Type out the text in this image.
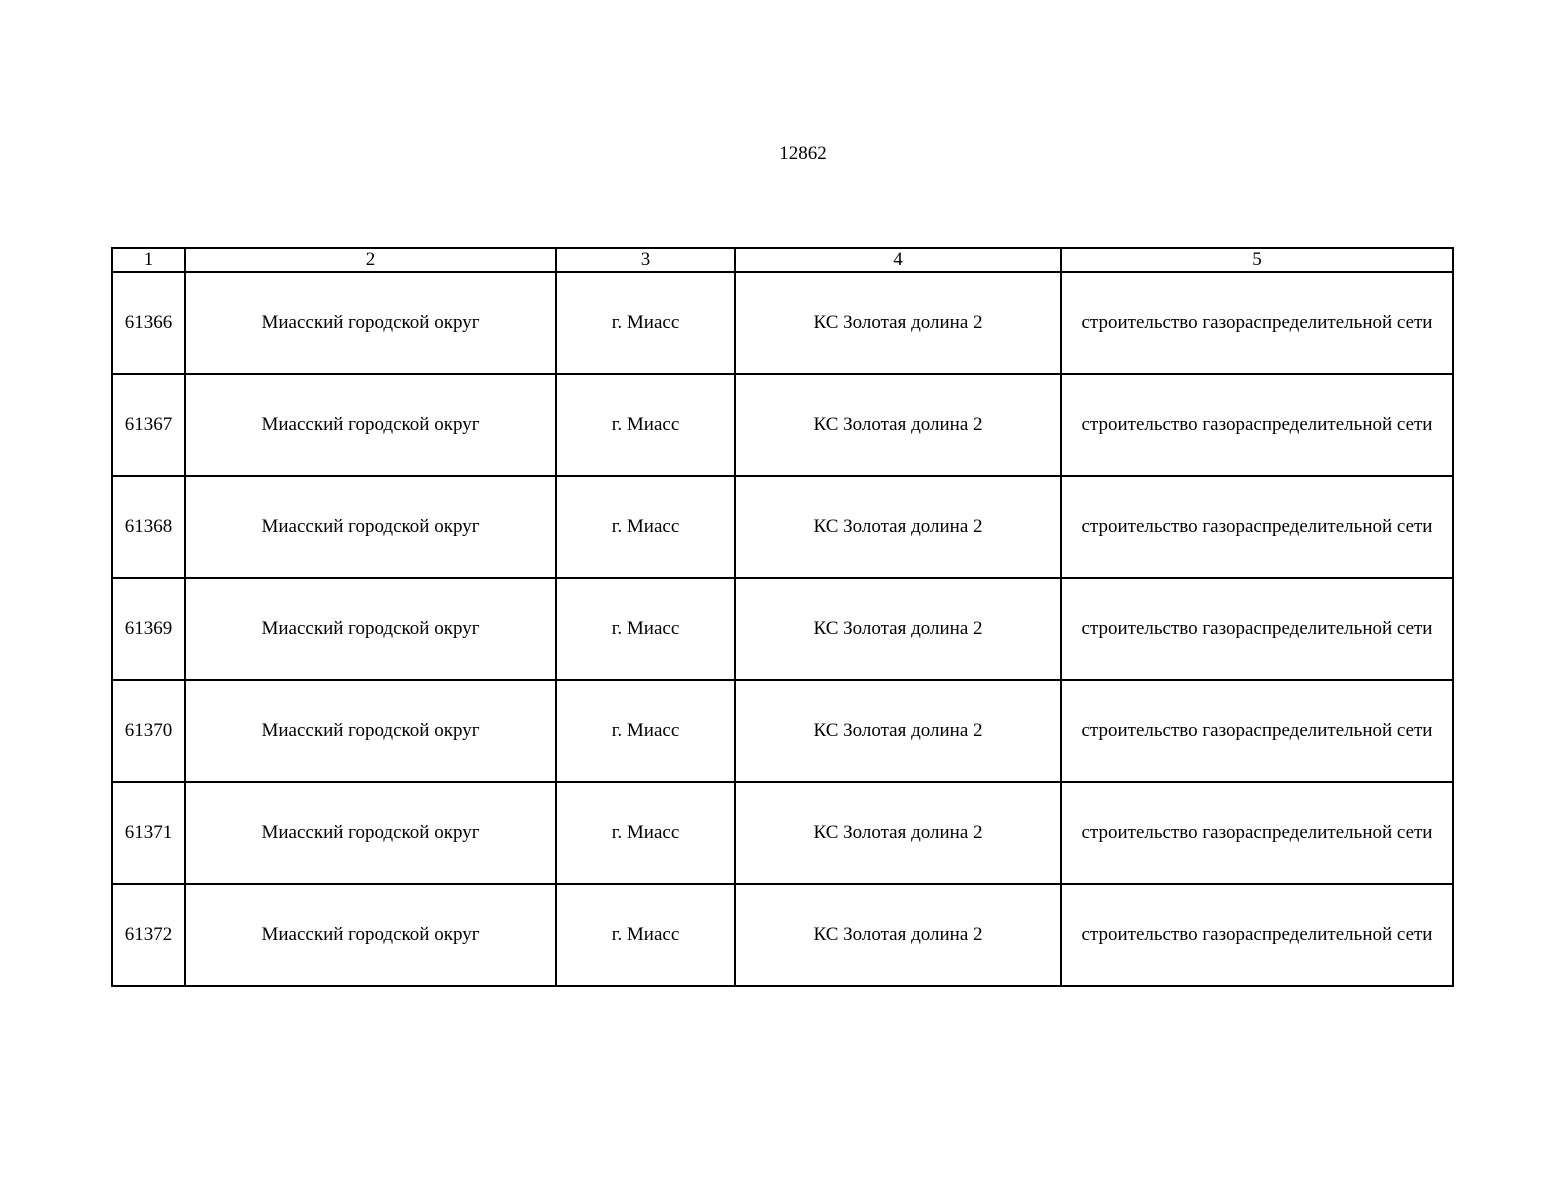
12862
1	2	3	4	5
61366	Миасский городской округ	г. Миасс	КС Золотая долина 2	строительство газораспределительной сети
61367	Миасский городской округ	г. Миасс	КС Золотая долина 2	строительство газораспределительной сети
61368	Миасский городской округ	г. Миасс	КС Золотая долина 2	строительство газораспределительной сети
61369	Миасский городской округ	г. Миасс	КС Золотая долина 2	строительство газораспределительной сети
61370	Миасский городской округ	г. Миасс	КС Золотая долина 2	строительство газораспределительной сети
61371	Миасский городской округ	г. Миасс	КС Золотая долина 2	строительство газораспределительной сети
61372	Миасский городской округ	г. Миасс	КС Золотая долина 2	строительство газораспределительной сети
